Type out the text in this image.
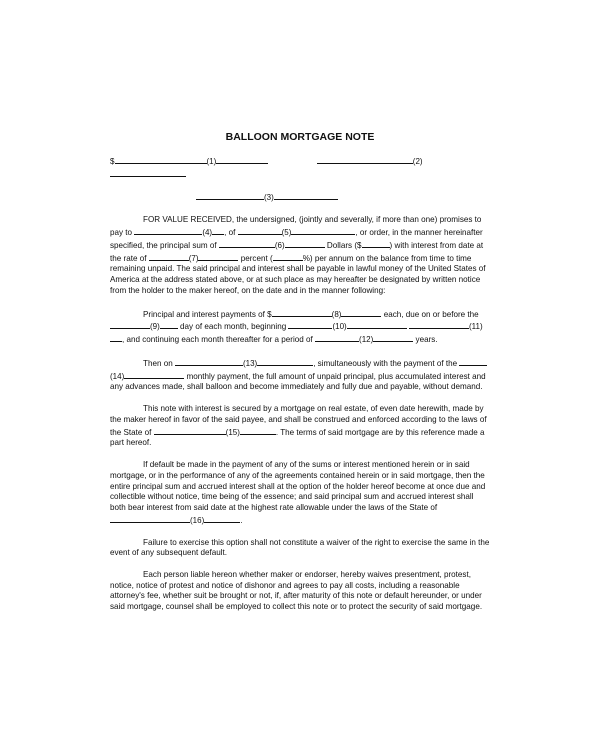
BALLOON MORTGAGE NOTE

$	(1)	(2)

(3)

FOR VALUE RECEIVED, the undersigned, (jointly and severally, if more than one) promises to pay to	(4) , of	(5)	, or order, in the manner hereinafter specified, the principal sum of	(6)	Dollars ($	) with interest from date at the rate of	(7)	percent (	%) per annum on the balance from time to time remaining unpaid. The said principal and interest shall be payable in lawful money of the United States of America at the address stated above, or at such place as may hereafter be designated by written notice from the holder to the maker hereof, on the date and in the manner following:

Principal and interest payments of $	(8)	each, due on or before the (9)	day of each month, beginning	(10)	(11), and continuing each month thereafter for a period of	(12)	years.

Then on	(13)	, simultaneously with the payment of the (14)	monthly payment, the full amount of unpaid principal, plus accumulated interest and any advances made, shall balloon and become immediately and fully due and payable, without demand.

This note with interest is secured by a mortgage on real estate, of even date herewith, made by the maker hereof in favor of the said payee, and shall be construed and enforced according to the laws of the State of	(15)	. The terms of said mortgage are by this reference made a part hereof.

If default be made in the payment of any of the sums or interest mentioned herein or in said mortgage, or in the performance of any of the agreements contained herein or in said mortgage, then the entire principal sum and accrued interest shall at the option of the holder hereof become at once due and collectible without notice, time being of the essence; and said principal sum and accrued interest shall both bear interest from said date at the highest rate allowable under the laws of the State of (16)	.

Failure to exercise this option shall not constitute a waiver of the right to exercise the same in the event of any subsequent default.

Each person liable hereon whether maker or endorser, hereby waives presentment, protest, notice, notice of protest and notice of dishonor and agrees to pay all costs, including a reasonable attorney's fee, whether suit be brought or not, if, after maturity of this note or default hereunder, or under said mortgage, counsel shall be employed to collect this note or to protect the security of said mortgage.
